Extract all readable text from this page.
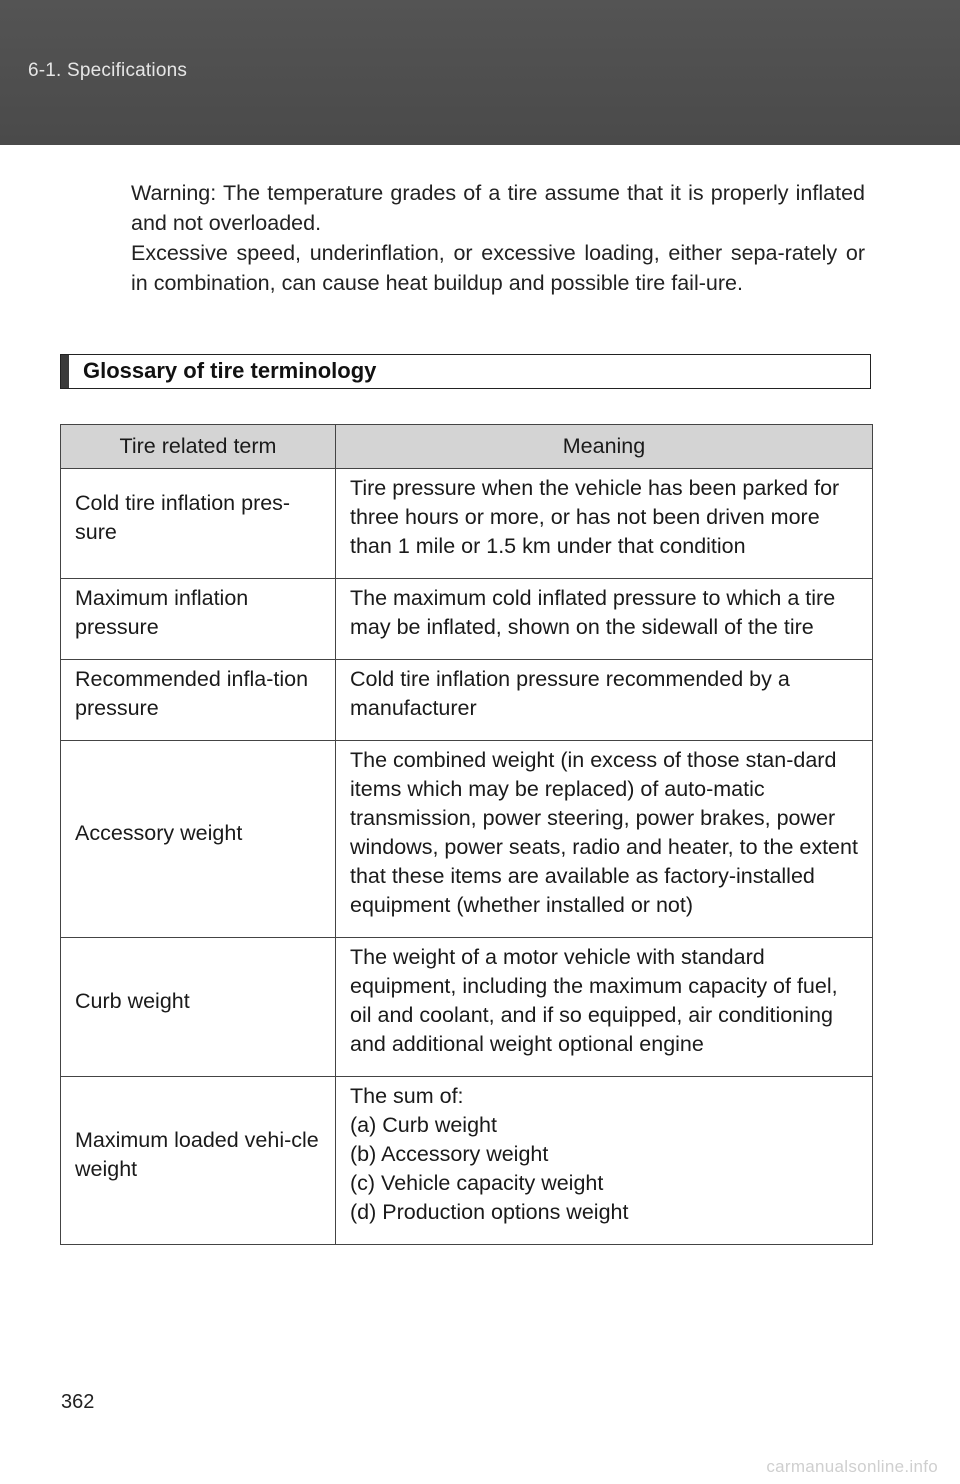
6-1. Specifications

Warning: The temperature grades of a tire assume that it is properly inflated and not overloaded.

Excessive speed, underinflation, or excessive loading, either sepa-rately or in combination, can cause heat buildup and possible tire fail-ure.

Glossary of tire terminology
Tire related term	Meaning

Cold tire inflation pres-sure	Tire pressure when the vehicle has been parked for three hours or more, or has not been driven more than 1 mile or 1.5 km under that condition

Maximum inflation pressure	The maximum cold inflated pressure to which a tire may be inflated, shown on the sidewall of the tire

Recommended infla-tion pressure	Cold tire inflation pressure recommended by a manufacturer

Accessory weight	The combined weight (in excess of those stan-dard items which may be replaced) of auto-matic transmission, power steering, power brakes, power windows, power seats, radio and heater, to the extent that these items are available as factory-installed equipment (whether installed or not)

Curb weight	The weight of a motor vehicle with standard equipment, including the maximum capacity of fuel, oil and coolant, and if so equipped, air conditioning and additional weight optional engine

Maximum loaded vehi-cle weight	The sum of:
(a) Curb weight
(b) Accessory weight
(c) Vehicle capacity weight
(d) Production options weight
362
carmanualsonline.info
